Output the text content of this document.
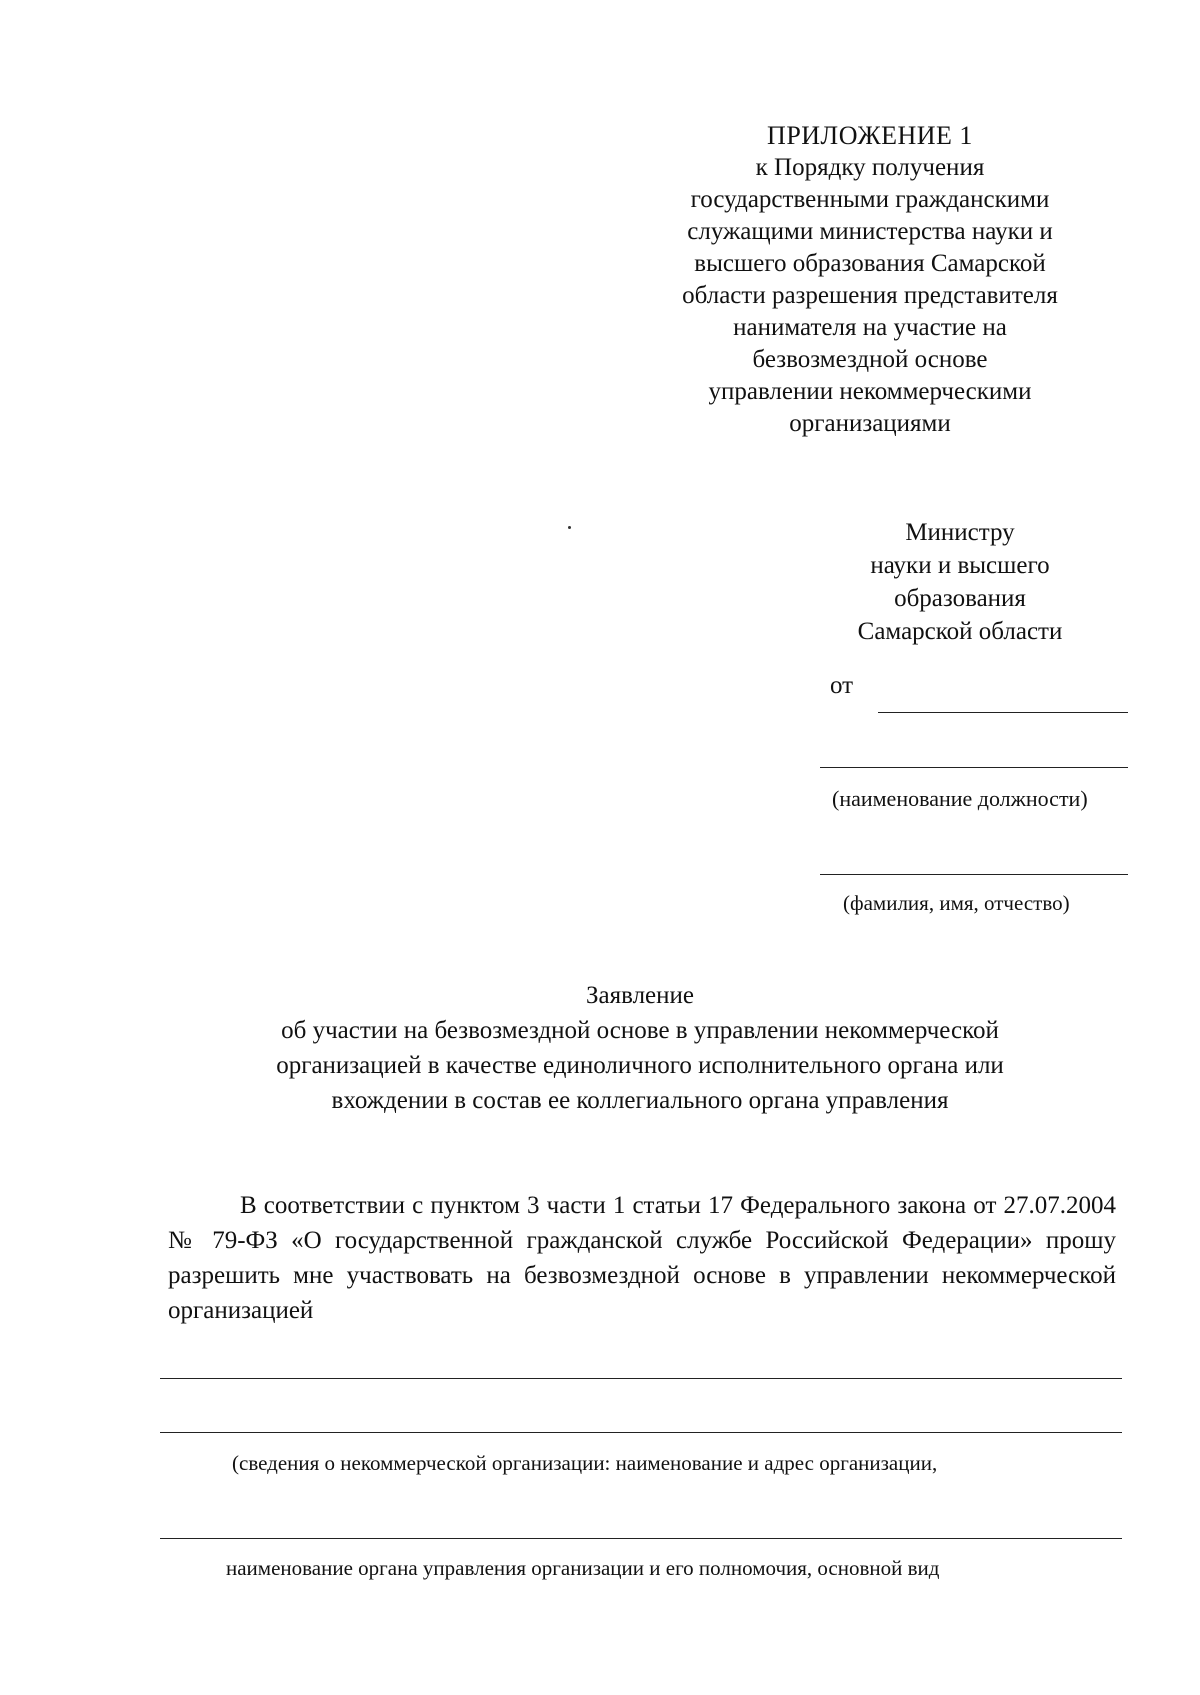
ПРИЛОЖЕНИЕ 1
к Порядку получения
государственными гражданскими
служащими министерства науки и
высшего образования Самарской
области разрешения представителя
нанимателя на участие на
безвозмездной основе
управлении некоммерческими
организациями
Министру
науки и высшего
образования
Самарской области
от
(наименование должности)
(фамилия, имя, отчество)
Заявление
об участии на безвозмездной основе в управлении некоммерческой
организацией в качестве единоличного исполнительного органа или
вхождении в состав ее коллегиального органа управления
В соответствии с пунктом 3 части 1 статьи 17 Федерального закона от 27.07.2004 № 79-ФЗ «О государственной гражданской службе Российской Федерации» прошу разрешить мне участвовать на безвозмездной основе в управлении некоммерческой организацией
(сведения о некоммерческой организации: наименование и адрес организации,
наименование органа управления организации и его полномочия, основной вид
